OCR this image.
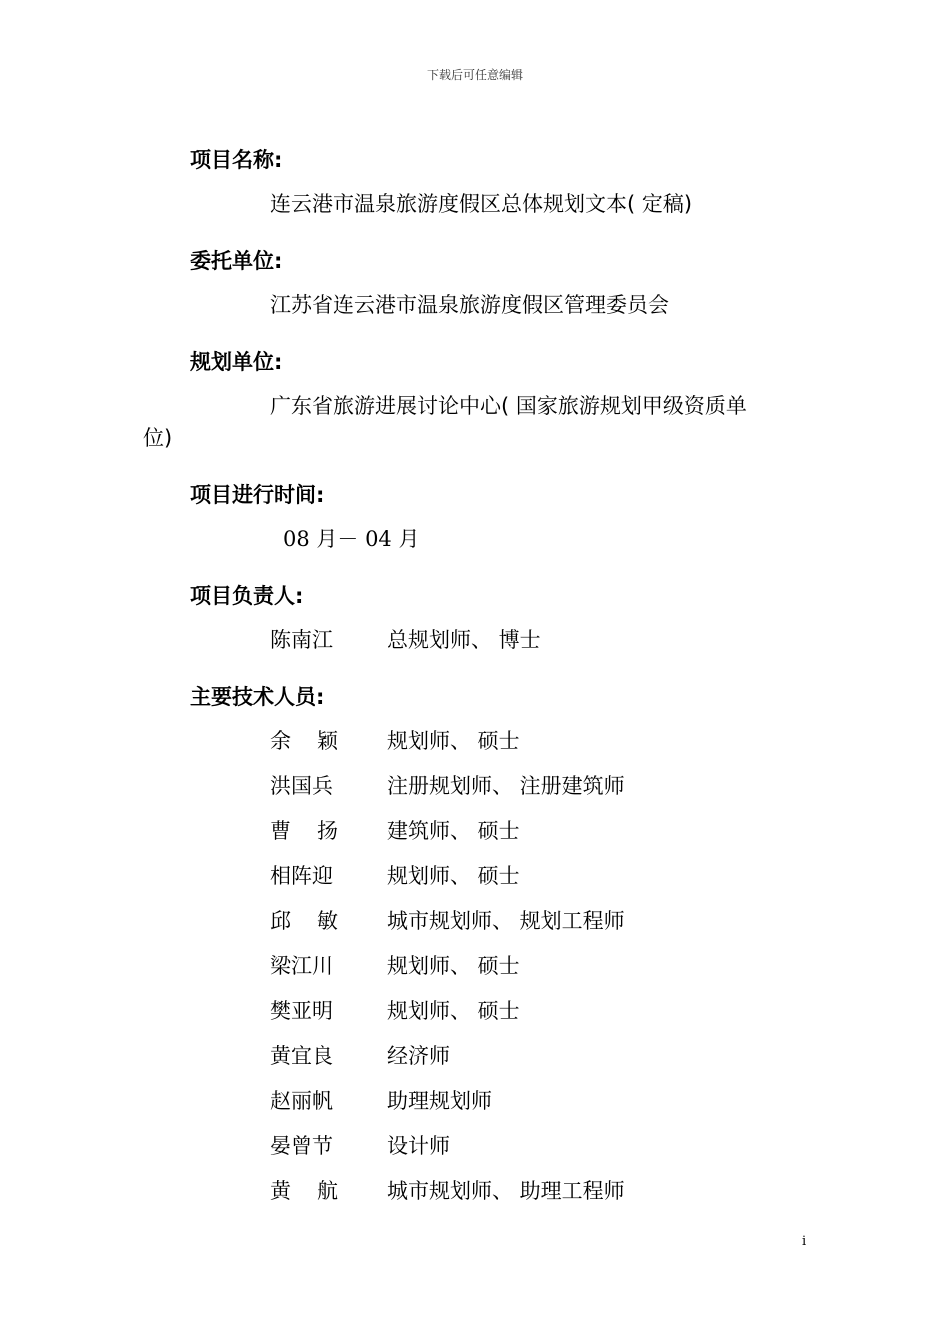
下载后可任意编辑
项目名称:
连云港市温泉旅游度假区总体规划文本( 定稿)
委托单位:
江苏省连云港市温泉旅游度假区管理委员会
规划单位:
广东省旅游进展讨论中心( 国家旅游规划甲级资质单
位)
项目进行时间:
08 月－ 04 月
项目负责人:
陈南江	总规划师、 博士
主要技术人员:
余颖 规划师、 硕士
洪国兵	注册规划师、 注册建筑师
曹扬 建筑师、 硕士
相阵迎	规划师、 硕士
邱敏 城市规划师、 规划工程师
梁江川	规划师、 硕士
樊亚明	规划师、 硕士
黄宜良	经济师
赵丽帆	助理规划师
晏曾节	设计师
黄航 城市规划师、 助理工程师
i
